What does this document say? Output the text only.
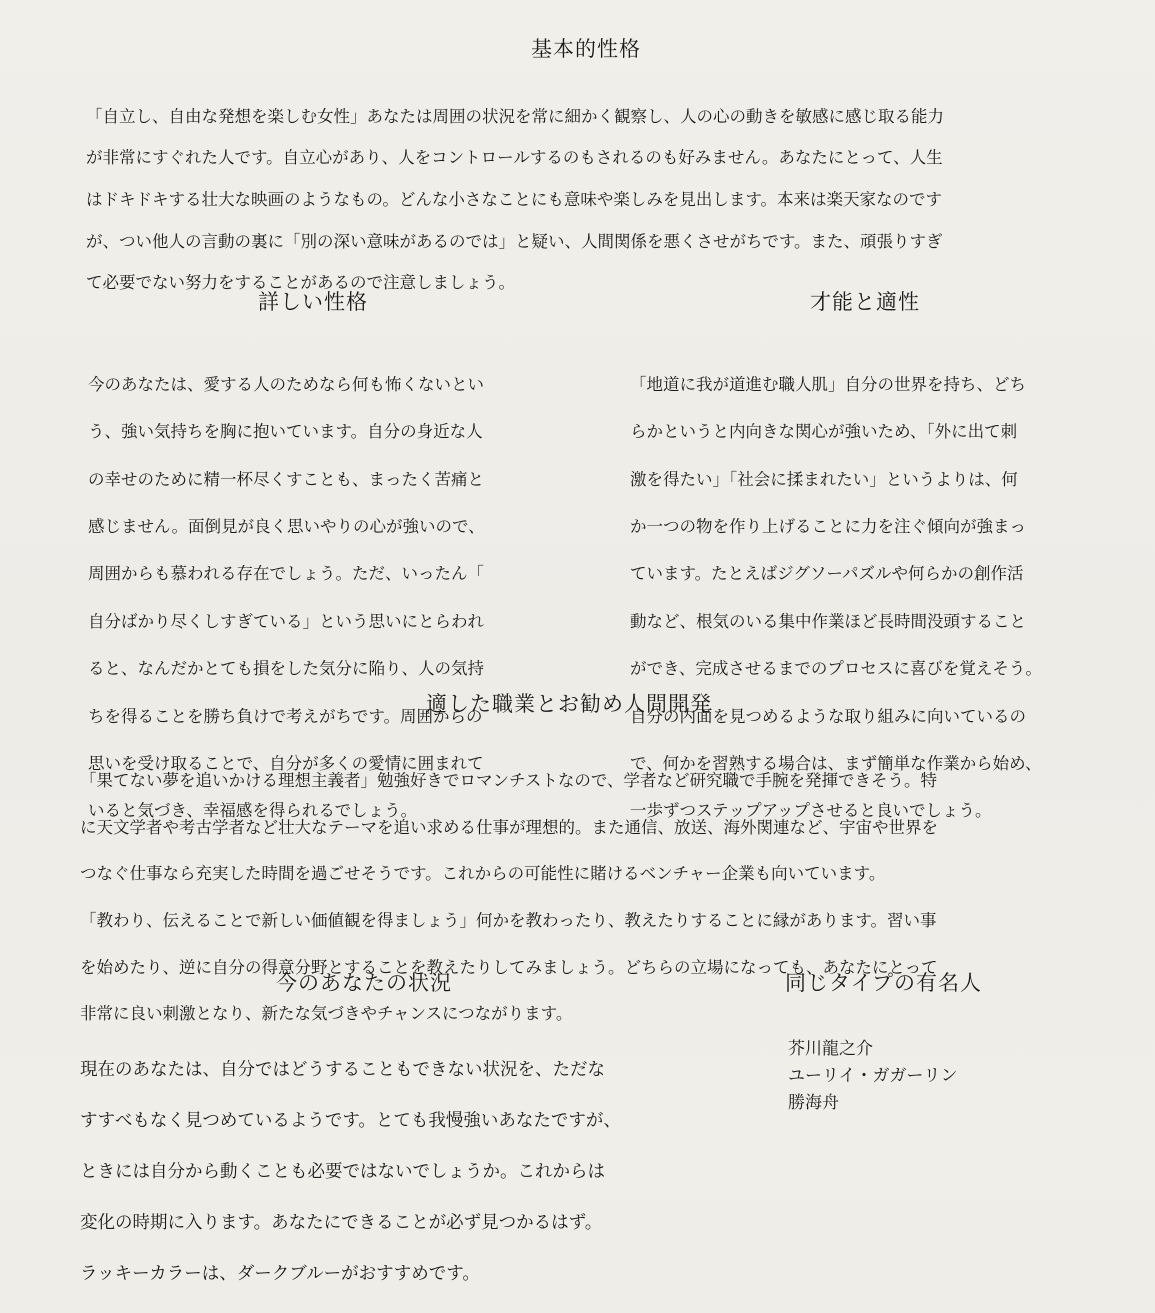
基本的性格

「自立し、自由な発想を楽しむ女性」あなたは周囲の状況を常に細かく観察し、人の心の動きを敏感に感じ取る能力

が非常にすぐれた人です。自立心があり、人をコントロールするのもされるのも好みません。あなたにとって、人生

はドキドキする壮大な映画のようなもの。どんな小さなことにも意味や楽しみを見出します。本来は楽天家なのです

が、つい他人の言動の裏に「別の深い意味があるのでは」と疑い、人間関係を悪くさせがちです。また、頑張りすぎ

て必要でない努力をすることがあるので注意しましょう。

詳しい性格

今のあなたは、愛する人のためなら何も怖くないとい

う、強い気持ちを胸に抱いています。自分の身近な人

の幸せのために精一杯尽くすことも、まったく苦痛と

感じません。面倒見が良く思いやりの心が強いので、

周囲からも慕われる存在でしょう。ただ、いったん「

自分ばかり尽くしすぎている」という思いにとらわれ

ると、なんだかとても損をした気分に陥り、人の気持

ちを得ることを勝ち負けで考えがちです。周囲からの

思いを受け取ることで、自分が多くの愛情に囲まれて

いると気づき、幸福感を得られるでしょう。

才能と適性

「地道に我が道進む職人肌」自分の世界を持ち、どち

らかというと内向きな関心が強いため、「外に出て刺

激を得たい」「社会に揉まれたい」というよりは、何

か一つの物を作り上げることに力を注ぐ傾向が強まっ

ています。たとえばジグソーパズルや何らかの創作活

動など、根気のいる集中作業ほど長時間没頭すること

ができ、完成させるまでのプロセスに喜びを覚えそう。

自分の内面を見つめるような取り組みに向いているの

で、何かを習熟する場合は、まず簡単な作業から始め、

一歩ずつステップアップさせると良いでしょう。

適した職業とお勧め人間開発

「果てない夢を追いかける理想主義者」勉強好きでロマンチストなので、学者など研究職で手腕を発揮できそう。特

に天文学者や考古学者など壮大なテーマを追い求める仕事が理想的。また通信、放送、海外関連など、宇宙や世界を

つなぐ仕事なら充実した時間を過ごせそうです。これからの可能性に賭けるベンチャー企業も向いています。

「教わり、伝えることで新しい価値観を得ましょう」何かを教わったり、教えたりすることに縁があります。習い事

を始めたり、逆に自分の得意分野とすることを教えたりしてみましょう。どちらの立場になっても、あなたにとって

非常に良い刺激となり、新たな気づきやチャンスにつながります。

今のあなたの状況

現在のあなたは、自分ではどうすることもできない状況を、ただな

すすべもなく見つめているようです。とても我慢強いあなたですが、

ときには自分から動くことも必要ではないでしょうか。これからは

変化の時期に入ります。あなたにできることが必ず見つかるはず。

ラッキーカラーは、ダークブルーがおすすめです。

同じタイプの有名人
芥川龍之介
ユーリイ・ガガーリン
勝海舟
